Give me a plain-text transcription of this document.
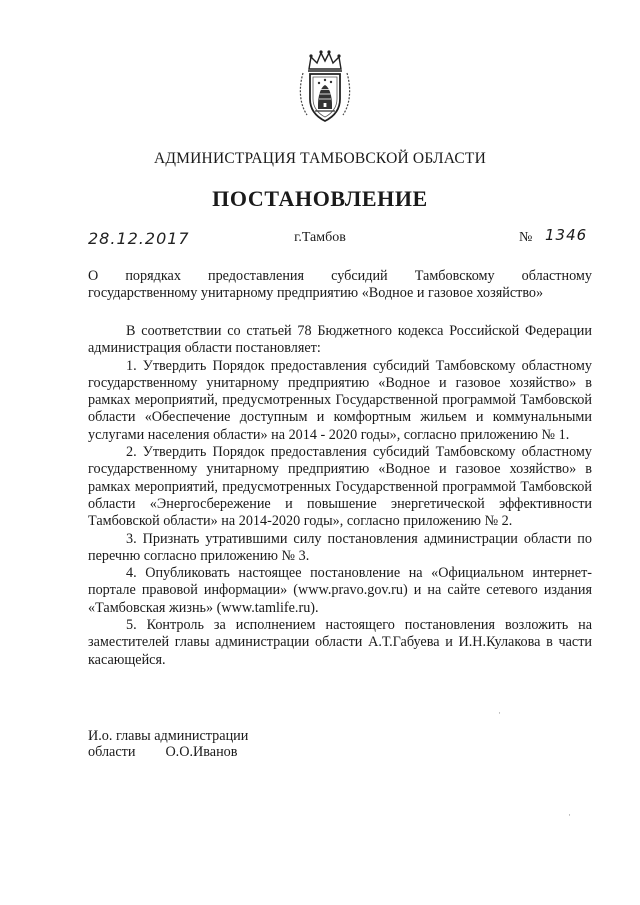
АДМИНИСТРАЦИЯ ТАМБОВСКОЙ ОБЛАСТИ
ПОСТАНОВЛЕНИЕ
28.12.2017	г.Тамбов	№ 1346
О порядках предоставления субсидий Тамбовскому областному
государственному унитарному предприятию «Водное и газовое хозяйство»

В соответствии со статьей 78 Бюджетного кодекса Российской Федерации администрация области постановляет:

1. Утвердить Порядок предоставления субсидий Тамбовскому областному государственному унитарному предприятию «Водное и газовое хозяйство» в рамках мероприятий, предусмотренных Государственной программой Тамбовской области «Обеспечение доступным и комфортным жильем и коммунальными услугами населения области» на 2014 - 2020 годы», согласно приложению № 1.

2. Утвердить Порядок предоставления субсидий Тамбовскому областному государственному унитарному предприятию «Водное и газовое хозяйство» в рамках мероприятий, предусмотренных Государственной программой Тамбовской области «Энергосбережение и повышение энергетической эффективности Тамбовской области» на 2014-2020 годы», согласно приложению № 2.

3. Признать утратившими силу постановления администрации области по перечню согласно приложению № 3.

4. Опубликовать настоящее постановление на «Официальном интернет-портале правовой информации» (www.pravo.gov.ru) и на сайте сетевого издания «Тамбовская жизнь» (www.tamlife.ru).

5. Контроль за исполнением настоящего постановления возложить на заместителей главы администрации области А.Т.Габуева и И.Н.Кулакова в части касающейся.

И.о. главы администрации
области О.О.Иванов
·
·
